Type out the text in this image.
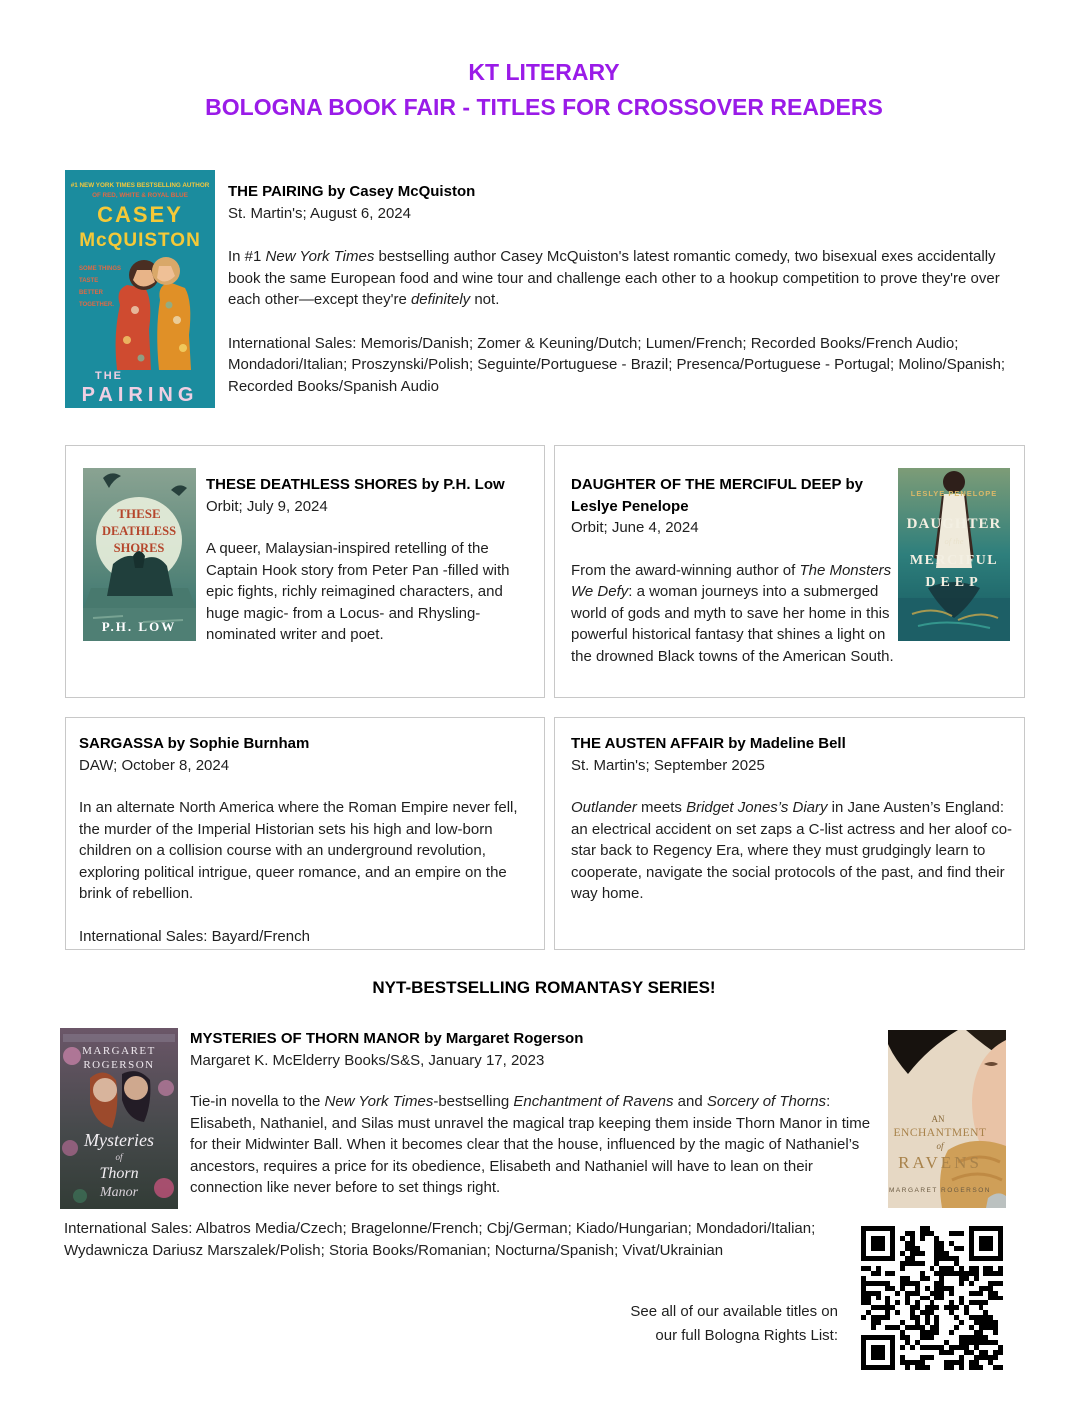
KT LITERARY
BOLOGNA BOOK FAIR - TITLES FOR CROSSOVER READERS
#1 NEW YORK TIMES BESTSELLING AUTHOR
OF RED, WHITE & ROYAL BLUE
CASEY
McQUISTON
SOME THINGS
TASTE
BETTER
TOGETHER.
THE
PAIRING
THE PAIRING by Casey McQuiston
St. Martin's; August 6, 2024

In #1 New York Times bestselling author Casey McQuiston's latest romantic comedy, two bisexual exes accidentally book the same European food and wine tour and challenge each other to a hookup competition to prove they're over each other—except they're definitely not.

International Sales: Memoris/Danish; Zomer & Keuning/Dutch; Lumen/French; Recorded Books/French Audio; Mondadori/Italian; Proszynski/Polish; Seguinte/Portuguese - Brazil; Presenca/Portuguese - Portugal; Molino/Spanish; Recorded Books/Spanish Audio

THESE
DEATHLESS
SHORES
P.H. LOW
THESE DEATHLESS SHORES by P.H. Low
Orbit; July 9, 2024

A queer, Malaysian-inspired retelling of the Captain Hook story from Peter Pan -filled with epic fights, richly reimagined characters, and huge magic- from a Locus- and Rhysling-nominated writer and poet.

DAUGHTER OF THE MERCIFUL DEEP by Leslye Penelope
Orbit; June 4, 2024

From the award-winning author of The Monsters We Defy: a woman journeys into a submerged world of gods and myth to save her home in this powerful historical fantasy that shines a light on the drowned Black towns of the American South.

LESLYE PENELOPE
DAUGHTER
of the
MERCIFUL
DEEP
SARGASSA by Sophie Burnham
DAW; October 8, 2024

In an alternate North America where the Roman Empire never fell, the murder of the Imperial Historian sets his high and low-born children on a collision course with an underground revolution, exploring political intrigue, queer romance, and an empire on the brink of rebellion.

International Sales: Bayard/French

THE AUSTEN AFFAIR by Madeline Bell
St. Martin's; September 2025

Outlander meets Bridget Jones’s Diary in Jane Austen’s England: an electrical accident on set zaps a C-list actress and her aloof co-star back to Regency Era, where they must grudgingly learn to cooperate, navigate the social protocols of the past, and find their way home.

NYT-BESTSELLING ROMANTASY SERIES!
MARGARET
ROGERSON
Mysteries
of
Thorn
Manor
MYSTERIES OF THORN MANOR by Margaret Rogerson
Margaret K. McElderry Books/S&S, January 17, 2023

Tie-in novella to the New York Times-bestselling Enchantment of Ravens and Sorcery of Thorns: Elisabeth, Nathaniel, and Silas must unravel the magical trap keeping them inside Thorn Manor in time for their Midwinter Ball. When it becomes clear that the house, influenced by the magic of Nathaniel’s ancestors, requires a price for its obedience, Elisabeth and Nathaniel will have to lean on their connection like never before to set things right.

AN
ENCHANTMENT
of
RAVENS
MARGARET ROGERSON
International Sales: Albatros Media/Czech; Bragelonne/French; Cbj/German; Kiado/Hungarian; Mondadori/Italian; Wydawnicza Dariusz Marszalek/Polish; Storia Books/Romanian; Nocturna/Spanish; Vivat/Ukrainian
See all of our available titles on
our full Bologna Rights List:
